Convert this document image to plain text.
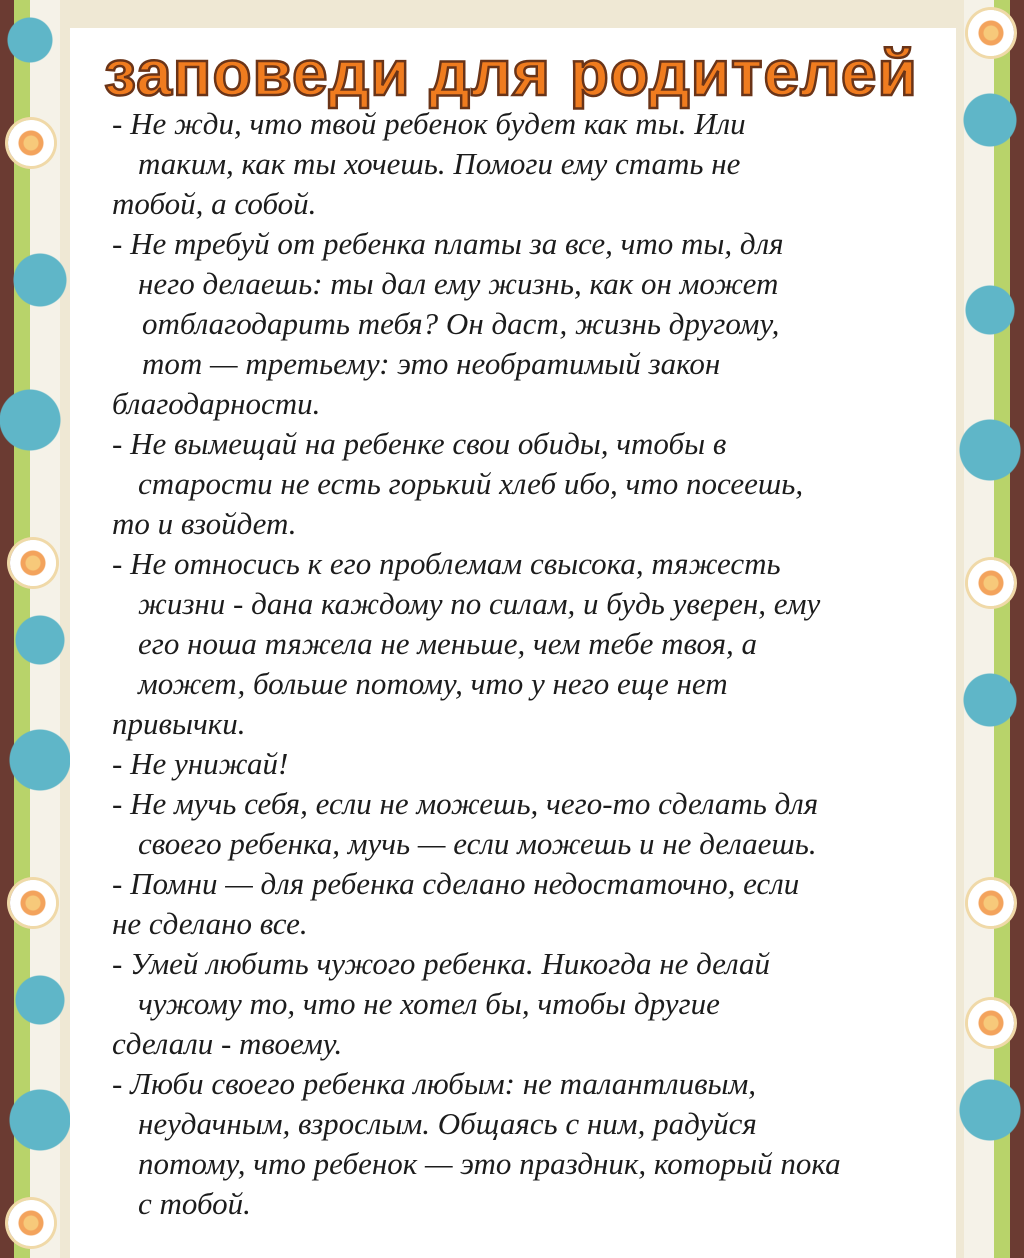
заповеди для родителей

- Не жди, что твой ребенок будет как ты. Или
таким, как ты хочешь. Помоги ему стать не
тобой, а собой.

- Не требуй от ребенка платы за все, что ты, для
него делаешь: ты дал ему жизнь, как он может
отблагодарить тебя? Он даст, жизнь другому,
тот — третьему: это необратимый закон
благодарности.

- Не вымещай на ребенке свои обиды, чтобы в
старости не есть горький хлеб ибо, что посеешь,
то и взойдет.

- Не относись к его проблемам свысока, тяжесть
жизни - дана каждому по силам, и будь уверен, ему
его ноша тяжела не меньше, чем тебе твоя, а
может, больше потому, что у него еще нет
привычки.

- Не унижай!

- Не мучь себя, если не можешь, чего-то сделать для
своего ребенка, мучь — если можешь и не делаешь.

- Помни — для ребенка сделано недостаточно, если
не сделано все.

- Умей любить чужого ребенка. Никогда не делай
чужому то, что не хотел бы, чтобы другие
сделали - твоему.

- Люби своего ребенка любым: не талантливым,
неудачным, взрослым. Общаясь с ним, радуйся
потому, что ребенок — это праздник, который пока
с тобой.
